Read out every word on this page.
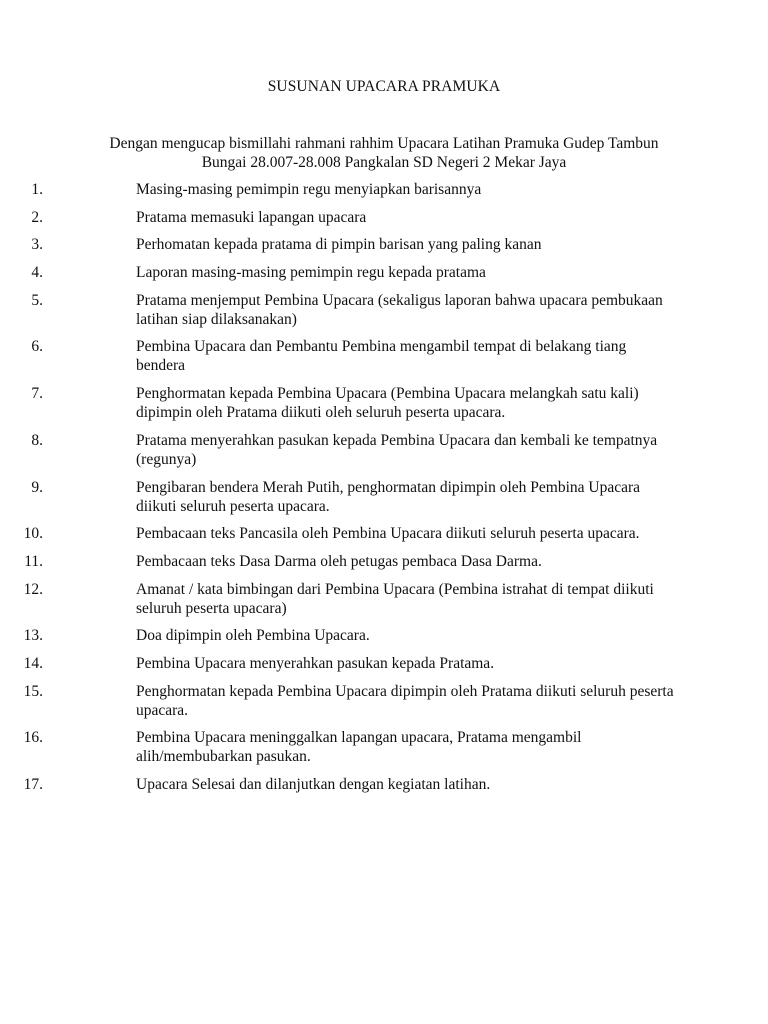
SUSUNAN UPACARA PRAMUKA
Dengan mengucap bismillahi rahmani rahhim Upacara Latihan Pramuka Gudep Tambun Bungai 28.007-28.008 Pangkalan SD Negeri 2 Mekar Jaya
1.	Masing-masing pemimpin regu menyiapkan barisannya
2.	Pratama memasuki lapangan upacara
3.	Perhomatan kepada pratama di pimpin barisan yang paling kanan
4.	Laporan masing-masing pemimpin regu kepada pratama
5.	Pratama menjemput Pembina Upacara (sekaligus laporan bahwa upacara pembukaan latihan siap dilaksanakan)
6.	Pembina Upacara dan Pembantu Pembina mengambil tempat di belakang tiang bendera
7.	Penghormatan kepada Pembina Upacara (Pembina Upacara melangkah satu kali) dipimpin oleh Pratama diikuti oleh seluruh peserta upacara.
8.	Pratama menyerahkan pasukan kepada Pembina Upacara dan kembali ke tempatnya (regunya)
9.	Pengibaran bendera Merah Putih, penghormatan dipimpin oleh Pembina Upacara diikuti seluruh peserta upacara.
10.	Pembacaan teks Pancasila oleh Pembina Upacara diikuti seluruh peserta upacara.
11.	Pembacaan teks Dasa Darma oleh petugas pembaca Dasa Darma.
12.	Amanat / kata bimbingan dari Pembina Upacara (Pembina istrahat di tempat diikuti seluruh peserta upacara)
13.	Doa dipimpin oleh Pembina Upacara.
14.	Pembina Upacara menyerahkan pasukan kepada Pratama.
15.	Penghormatan kepada Pembina Upacara dipimpin oleh Pratama diikuti seluruh peserta upacara.
16.	Pembina Upacara meninggalkan lapangan upacara, Pratama mengambil alih/membubarkan pasukan.
17.	Upacara Selesai dan dilanjutkan dengan kegiatan latihan.
